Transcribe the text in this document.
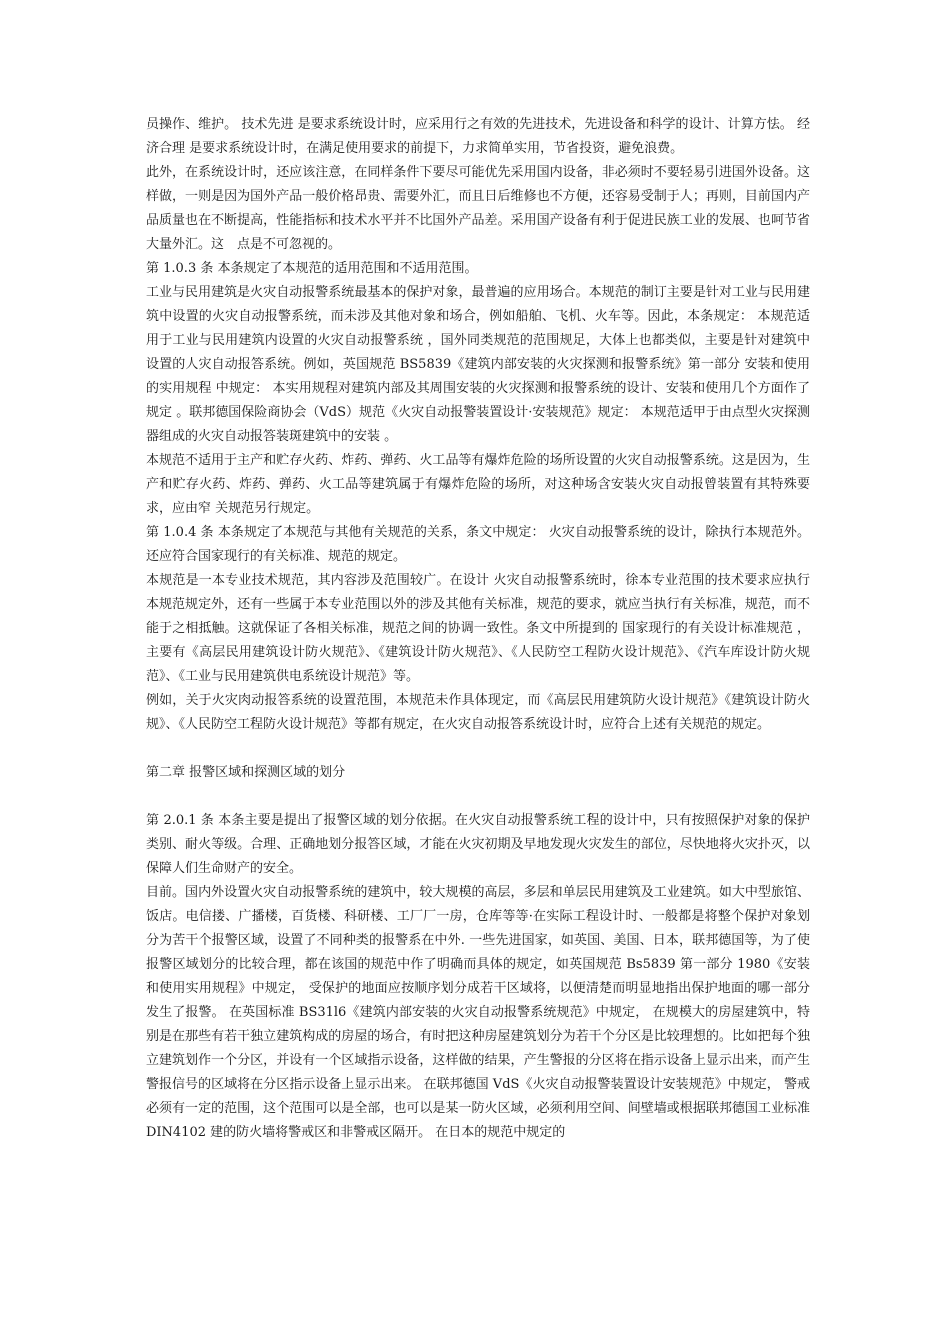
员操作、维护。 技术先进 是要求系统设计时，应采用行之有效的先进技术，先进设备和科学的设计、计算方怯。 经济合理 是要求系统设计时，在满足使用要求的前提下，力求简单实用，节省投资，避免浪费。

此外，在系统设计时，还应该注意，在同样条件下要尽可能优先采用国内设备，非必须时不要轻易引进国外设备。这样做，一则是因为国外产品一般价格昂贵、需要外汇，而且日后维修也不方便，还容易受制于人；再则，目前国内产品质量也在不断提高，性能指标和技术水平并不比国外产品差。采用国产设备有利于促进民族工业的发展、也呵节省大量外汇。这　点是不可忽视的。

第 1.0.3 条 本条规定了本规范的适用范围和不适用范围。

工业与民用建筑是火灾自动报警系统最基本的保护对象，最普遍的应用场合。本规范的制订主要是针对工业与民用建筑中设置的火灾自动报警系统，而未涉及其他对象和场合，例如船舶、飞机、火车等。因此，本条规定： 本规范适用于工业与民用建筑内设置的火灾自动报警系统 ，国外同类规范的范围规足，大体上也都类似，主要是针对建筑中设置的人灾自动报答系统。例如，英国规范 BS5839《建筑内部安装的火灾探测和报警系统》第一部分 安装和使用的实用规程 中规定： 本实用规程对建筑内部及其周围安装的火灾探测和报警系统的设计、安装和使用几个方面作了规定 。联邦德国保险商协会（VdS）规范《火灾自动报警装置设计·安装规范》规定： 本规范适甲于由点型火灾探测器组成的火灾自动报答装斑建筑中的安装 。

本规范不适用于主产和贮存火药、炸药、弹药、火工品等有爆炸危险的场所设置的火灾自动报警系统。这是因为，生产和贮存火药、炸药、弹药、火工品等建筑属于有爆炸危险的场所，对这种场含安装火灾自动报曾装置有其特殊要求，应由窄 关规范另行规定。

第 1.0.4 条 本条规定了本规范与其他有关规范的关系，条文中规定： 火灾自动报警系统的设计，除执行本规范外。还应符合国家现行的有关标准、规范的规定。

本规范是一本专业技术规范，其内容涉及范围较广。在设计 火灾自动报警系统时，徐本专业范围的技术要求应执行本规范规定外，还有一些属于本专业范围以外的涉及其他有关标准，规范的要求，就应当执行有关标准，规范，而不能于之相抵触。这就保证了各相关标准，规范之间的协调一致性。条文中所提到的 国家现行的有关设计标准规范 ，主要有《高层民用建筑设计防火规范》、《建筑设计防火规范》、《人民防空工程防火设计规范》、《汽车库设计防火规范》、《工业与民用建筑供电系统设计规范》等。

例如，关于火灾肉动报答系统的设置范围，本规范未作具体现定，而《高层民用建筑防火设计规范》《建筑设计防火规》、《人民防空工程防火设计规范》等都有规定，在火灾自动报答系统设计时，应符合上述有关规范的规定。

第二章 报警区域和探测区域的划分

第 2.0.1 条 本条主要是提出了报警区域的划分依据。在火灾自动报警系统工程的设计中，只有按照保护对象的保护类别、耐火等级。合理、正确地划分报答区域，才能在火灾初期及早地发现火灾发生的部位，尽快地将火灾扑灭，以保障人们生命财产的安全。

目前。国内外设置火灾自动报警系统的建筑中，较大规模的高层，多层和单层民用建筑及工业建筑。如大中型旅馆、饭店。电信搂、广播楼，百货楼、科研楼、工厂厂一房，仓库等等·在实际工程设计时、一般都是将整个保护对象划分为苦干个报警区域，设置了不同种类的报警系在中外. 一些先进国家，如英国、美国、日本，联邦德国等，为了使报警区域划分的比较合理，都在该国的规范中作了明确而具体的规定，如英国规范 Bs5839 第一部分 1980《安装和使用实用规程》中规定， 受保护的地面应按顺序划分成若干区域将，以便清楚而明显地指出保护地面的哪一部分发生了报警。 在英国标准 BS31l6《建筑内部安装的火灾自动报警系统规范》中规定， 在规模大的房屋建筑中，特别是在那些有若干独立建筑构成的房屋的场合，有时把这种房屋建筑划分为若干个分区是比较理想的。比如把每个独立建筑划作一个分区，并设有一个区域指示设备，这样做的结果，产生警报的分区将在指示设备上显示出来，而产生警报信号的区域将在分区指示设备上显示出来。 在联邦德国 VdS《火灾自动报警装置设计安装规范》中规定， 警戒必须有一定的范围，这个范围可以是全部，也可以是某一防火区域，必须利用空间、间壁墙或根据联邦德国工业标准 DIN4102 建的防火墙将警戒区和非警戒区隔开。 在日本的规范中规定的
